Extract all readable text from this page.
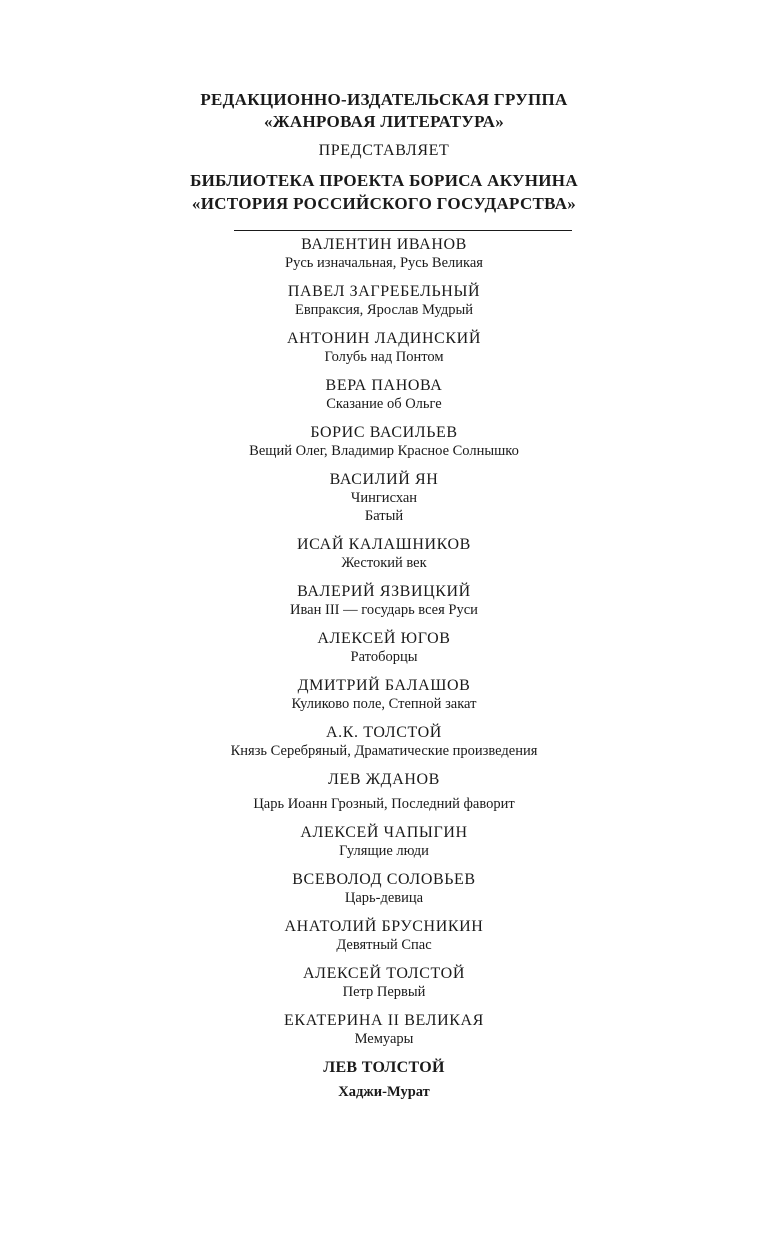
РЕДАКЦИОННО-ИЗДАТЕЛЬСКАЯ ГРУППА
«ЖАНРОВАЯ ЛИТЕРАТУРА»
ПРЕДСТАВЛЯЕТ
БИБЛИОТЕКА ПРОЕКТА БОРИСА АКУНИНА
«ИСТОРИЯ РОССИЙСКОГО ГОСУДАРСТВА»
ВАЛЕНТИН ИВАНОВ
Русь изначальная, Русь Великая
ПАВЕЛ ЗАГРЕБЕЛЬНЫЙ
Евпраксия, Ярослав Мудрый
АНТОНИН ЛАДИНСКИЙ
Голубь над Понтом
ВЕРА ПАНОВА
Сказание об Ольге
БОРИС ВАСИЛЬЕВ
Вещий Олег, Владимир Красное Солнышко
ВАСИЛИЙ ЯН
Чингисхан
Батый
ИСАЙ КАЛАШНИКОВ
Жестокий век
ВАЛЕРИЙ ЯЗВИЦКИЙ
Иван III — государь всея Руси
АЛЕКСЕЙ ЮГОВ
Ратоборцы
ДМИТРИЙ БАЛАШОВ
Куликово поле, Степной закат
А.К. ТОЛСТОЙ
Князь Серебряный, Драматические произведения
ЛЕВ ЖДАНОВ
Царь Иоанн Грозный, Последний фаворит
АЛЕКСЕЙ ЧАПЫГИН
Гулящие люди
ВСЕВОЛОД СОЛОВЬЕВ
Царь-девица
АНАТОЛИЙ БРУСНИКИН
Девятный Спас
АЛЕКСЕЙ ТОЛСТОЙ
Петр Первый
ЕКАТЕРИНА II ВЕЛИКАЯ
Мемуары
ЛЕВ ТОЛСТОЙ
Хаджи-Мурат
